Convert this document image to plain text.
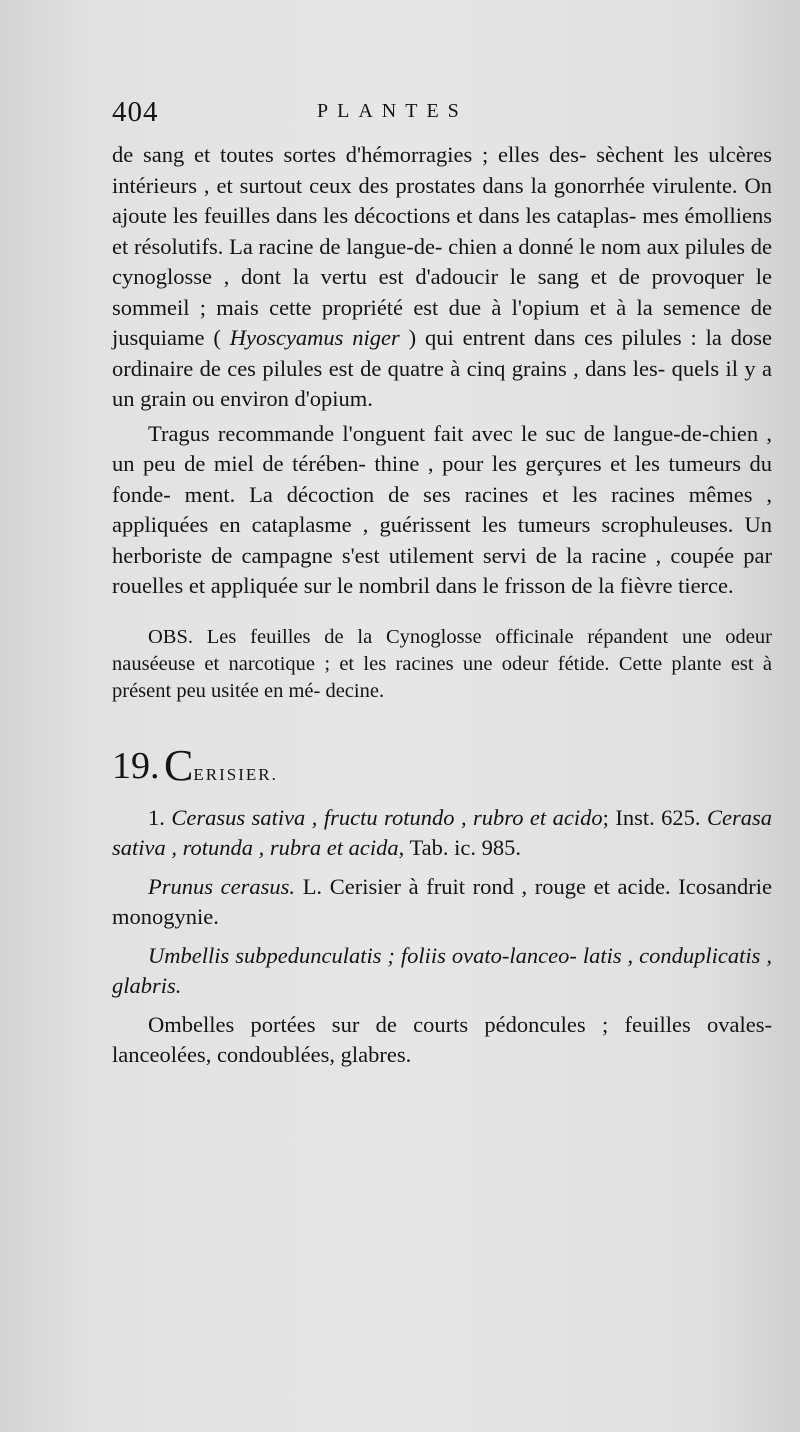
404	PLANTES

de sang et toutes sortes d'hémorragies ; elles des- sèchent les ulcères intérieurs , et surtout ceux des prostates dans la gonorrhée virulente. On ajoute les feuilles dans les décoctions et dans les cataplas- mes émolliens et résolutifs. La racine de langue-de- chien a donné le nom aux pilules de cynoglosse , dont la vertu est d'adoucir le sang et de provoquer le sommeil ; mais cette propriété est due à l'opium et à la semence de jusquiame ( Hyoscyamus niger ) qui entrent dans ces pilules : la dose ordinaire de ces pilules est de quatre à cinq grains , dans les- quels il y a un grain ou environ d'opium.

Tragus recommande l'onguent fait avec le suc de langue-de-chien , un peu de miel de térében- thine , pour les gerçures et les tumeurs du fonde- ment. La décoction de ses racines et les racines mêmes , appliquées en cataplasme , guérissent les tumeurs scrophuleuses. Un herboriste de campagne s'est utilement servi de la racine , coupée par rouelles et appliquée sur le nombril dans le frisson de la fièvre tierce.

OBS. Les feuilles de la Cynoglosse officinale répandent une odeur nauséeuse et narcotique ; et les racines une odeur fétide. Cette plante est à présent peu usitée en mé- decine.

19. CERISIER.

1. Cerasus sativa , fructu rotundo , rubro et acido; Inst. 625. Cerasa sativa , rotunda , rubra et acida, Tab. ic. 985.

Prunus cerasus. L. Cerisier à fruit rond , rouge et acide. Icosandrie monogynie.

Umbellis subpedunculatis ; foliis ovato-lanceo- latis , conduplicatis , glabris.

Ombelles portées sur de courts pédoncules ; feuilles ovales-lanceolées, condoublées, glabres.
